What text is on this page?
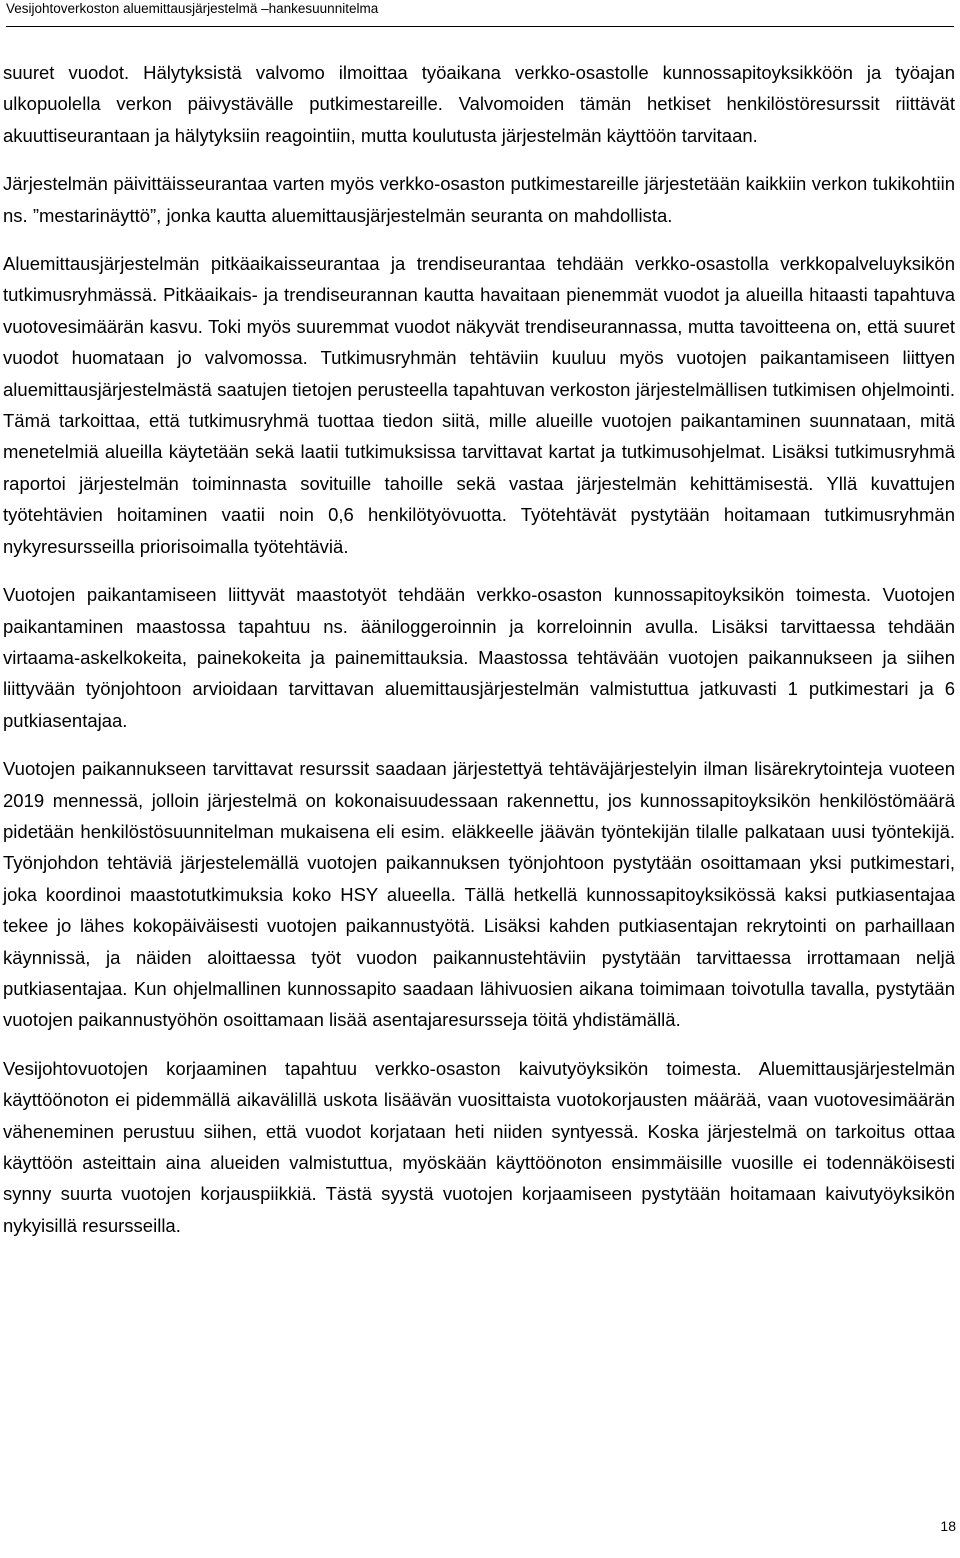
Vesijohtoverkoston aluemittausjärjestelmä –hankesuunnitelma

suuret vuodot. Hälytyksistä valvomo ilmoittaa työaikana verkko-osastolle kunnossapitoyksikköön ja työajan ulkopuolella verkon päivystävälle putkimestareille. Valvomoiden tämän hetkiset henkilöstöresurssit riittävät akuuttiseurantaan ja hälytyksiin reagointiin, mutta koulutusta järjestelmän käyttöön tarvitaan.

Järjestelmän päivittäisseurantaa varten myös verkko-osaston putkimestareille järjestetään kaikkiin verkon tukikohtiin ns. ”mestarinäyttö”, jonka kautta aluemittausjärjestelmän seuranta on mahdollista.

Aluemittausjärjestelmän pitkäaikaisseurantaa ja trendiseurantaa tehdään verkko-osastolla verkkopalveluyksikön tutkimusryhmässä. Pitkäaikais- ja trendiseurannan kautta havaitaan pienemmät vuodot ja alueilla hitaasti tapahtuva vuotovesimäärän kasvu. Toki myös suuremmat vuodot näkyvät trendiseurannassa, mutta tavoitteena on, että suuret vuodot huomataan jo valvomossa. Tutkimusryhmän tehtäviin kuuluu myös vuotojen paikantamiseen liittyen aluemittausjärjestelmästä saatujen tietojen perusteella tapahtuvan verkoston järjestelmällisen tutkimisen ohjelmointi. Tämä tarkoittaa, että tutkimusryhmä tuottaa tiedon siitä, mille alueille vuotojen paikantaminen suunnataan, mitä menetelmiä alueilla käytetään sekä laatii tutkimuksissa tarvittavat kartat ja tutkimusohjelmat. Lisäksi tutkimusryhmä raportoi järjestelmän toiminnasta sovituille tahoille sekä vastaa järjestelmän kehittämisestä. Yllä kuvattujen työtehtävien hoitaminen vaatii noin 0,6 henkilötyövuotta. Työtehtävät pystytään hoitamaan tutkimusryhmän nykyresursseilla priorisoimalla työtehtäviä.

Vuotojen paikantamiseen liittyvät maastotyöt tehdään verkko-osaston kunnossapitoyksikön toimesta. Vuotojen paikantaminen maastossa tapahtuu ns. ääniloggeroinnin ja korreloinnin avulla. Lisäksi tarvittaessa tehdään virtaama-askelkokeita, painekokeita ja painemittauksia. Maastossa tehtävään vuotojen paikannukseen ja siihen liittyvään työnjohtoon arvioidaan tarvittavan aluemittausjärjestelmän valmistuttua jatkuvasti 1 putkimestari ja 6 putkiasentajaa.

Vuotojen paikannukseen tarvittavat resurssit saadaan järjestettyä tehtäväjärjestelyin ilman lisärekrytointeja vuoteen 2019 mennessä, jolloin järjestelmä on kokonaisuudessaan rakennettu, jos kunnossapitoyksikön henkilöstömäärä pidetään henkilöstösuunnitelman mukaisena eli esim. eläkkeelle jäävän työntekijän tilalle palkataan uusi työntekijä. Työnjohdon tehtäviä järjestelemällä vuotojen paikannuksen työnjohtoon pystytään osoittamaan yksi putkimestari, joka koordinoi maastotutkimuksia koko HSY alueella. Tällä hetkellä kunnossapitoyksikössä kaksi putkiasentajaa tekee jo lähes kokopäiväisesti vuotojen paikannustyötä. Lisäksi kahden putkiasentajan rekrytointi on parhaillaan käynnissä, ja näiden aloittaessa työt vuodon paikannustehtäviin pystytään tarvittaessa irrottamaan neljä putkiasentajaa. Kun ohjelmallinen kunnossapito saadaan lähivuosien aikana toimimaan toivotulla tavalla, pystytään vuotojen paikannustyöhön osoittamaan lisää asentajaresursseja töitä yhdistämällä.

Vesijohtovuotojen korjaaminen tapahtuu verkko-osaston kaivutyöyksikön toimesta. Aluemittausjärjestelmän käyttöönoton ei pidemmällä aikavälillä uskota lisäävän vuosittaista vuotokorjausten määrää, vaan vuotovesimäärän väheneminen perustuu siihen, että vuodot korjataan heti niiden syntyessä. Koska järjestelmä on tarkoitus ottaa käyttöön asteittain aina alueiden valmistuttua, myöskään käyttöönoton ensimmäisille vuosille ei todennäköisesti synny suurta vuotojen korjauspiikkiä. Tästä syystä vuotojen korjaamiseen pystytään hoitamaan kaivutyöyksikön nykyisillä resursseilla.

18
